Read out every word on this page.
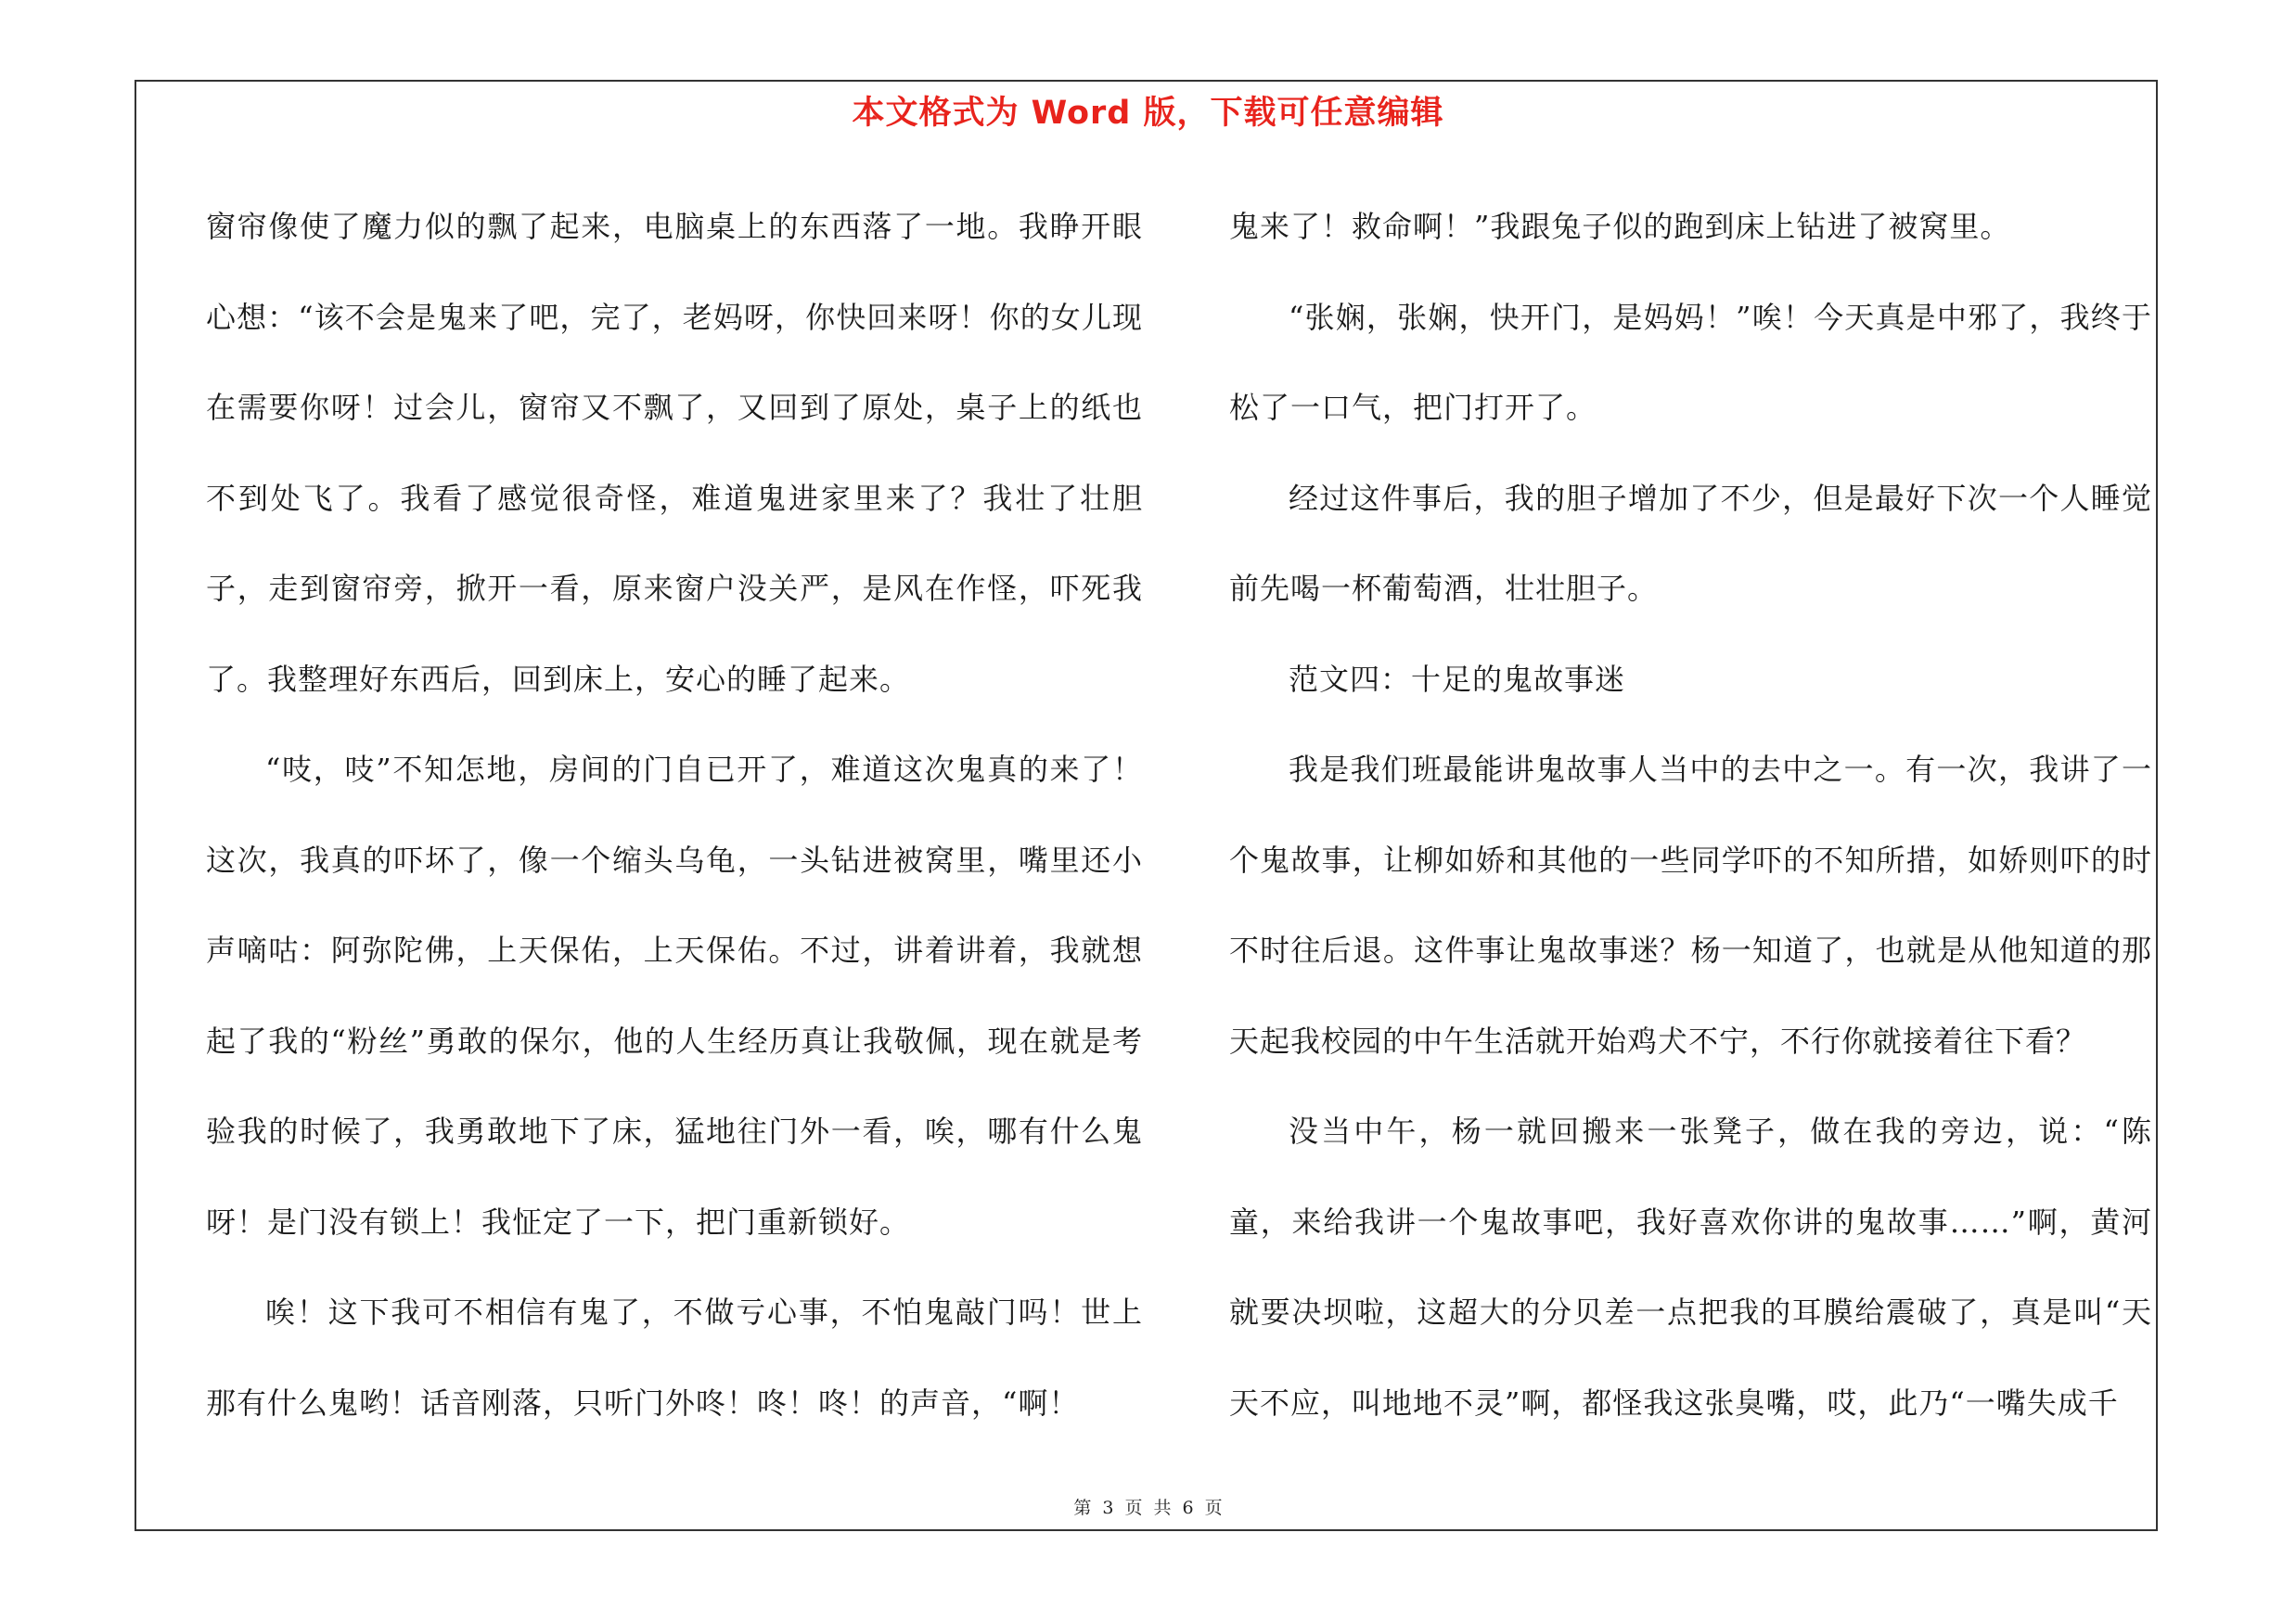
本文格式为 Word 版，下载可任意编辑

窗帘像使了魔力似的飘了起来，电脑桌上的东西落了一地。我睁开眼心想：“该不会是鬼来了吧，完了，老妈呀，你快回来呀！你的女儿现在需要你呀！过会儿，窗帘又不飘了，又回到了原处，桌子上的纸也不到处飞了。我看了感觉很奇怪，难道鬼进家里来了？我壮了壮胆子，走到窗帘旁，掀开一看，原来窗户没关严，是风在作怪，吓死我了。我整理好东西后，回到床上，安心的睡了起来。

“吱，吱”不知怎地，房间的门自已开了，难道这次鬼真的来了！这次，我真的吓坏了，像一个缩头乌龟，一头钻进被窝里，嘴里还小声嘀咕：阿弥陀佛，上天保佑，上天保佑。不过，讲着讲着，我就想起了我的“粉丝”勇敢的保尔，他的人生经历真让我敬佩，现在就是考验我的时候了，我勇敢地下了床，猛地往门外一看，唉，哪有什么鬼呀！是门没有锁上！我怔定了一下，把门重新锁好。

唉！这下我可不相信有鬼了，不做亏心事，不怕鬼敲门吗！世上那有什么鬼哟！话音刚落，只听门外咚！咚！咚！的声音，“啊！

鬼来了！救命啊！”我跟兔子似的跑到床上钻进了被窝里。

“张娴，张娴，快开门，是妈妈！”唉！今天真是中邪了，我终于松了一口气，把门打开了。

经过这件事后，我的胆子增加了不少，但是最好下次一个人睡觉前先喝一杯葡萄酒，壮壮胆子。

范文四：十足的鬼故事迷

我是我们班最能讲鬼故事人当中的去中之一。有一次，我讲了一个鬼故事，让柳如娇和其他的一些同学吓的不知所措，如娇则吓的时不时往后退。这件事让鬼故事迷？杨一知道了，也就是从他知道的那天起我校园的中午生活就开始鸡犬不宁，不行你就接着往下看？

没当中午，杨一就回搬来一张凳子，做在我的旁边，说：“陈童，来给我讲一个鬼故事吧，我好喜欢你讲的鬼故事……”啊，黄河就要决坝啦，这超大的分贝差一点把我的耳膜给震破了，真是叫“天天不应，叫地地不灵”啊，都怪我这张臭嘴，哎，此乃“一嘴失成千

第 3 页 共 6 页
